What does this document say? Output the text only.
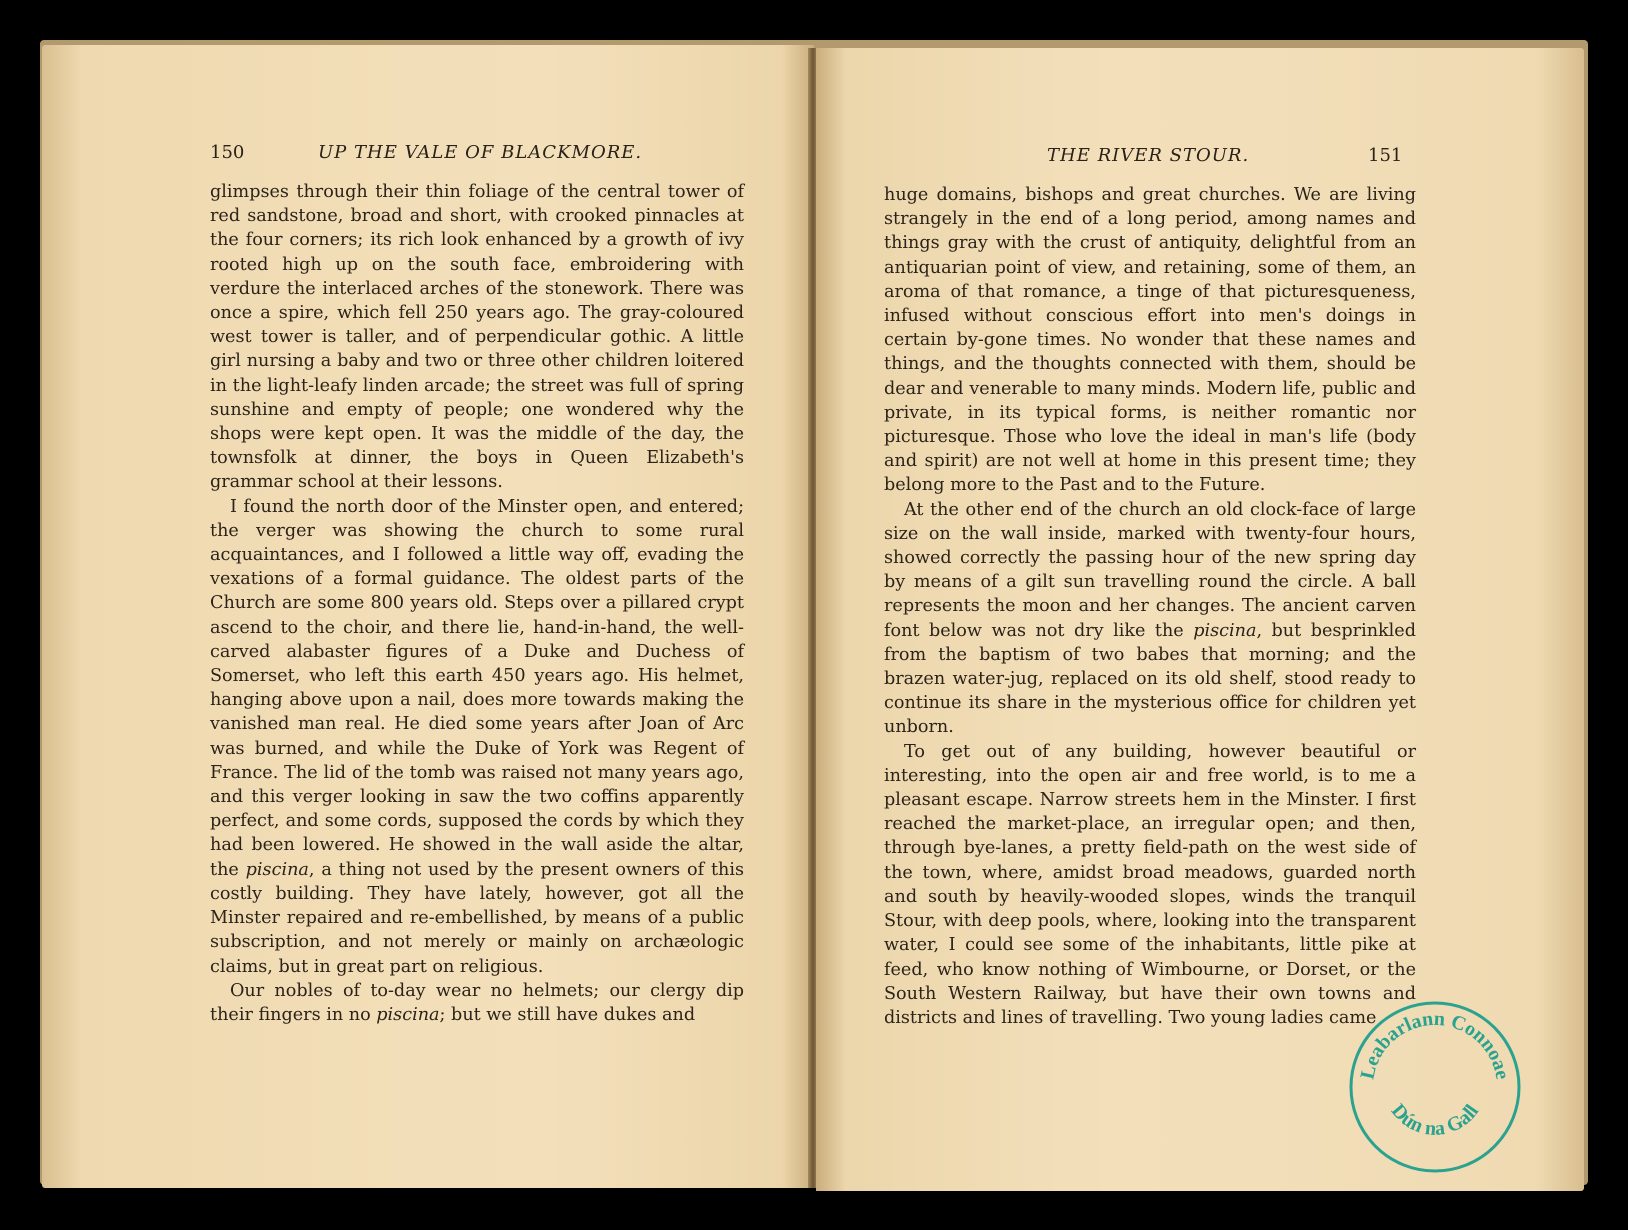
150	UP THE VALE OF BLACKMORE.

glimpses through their thin foliage of the central tower of red sandstone, broad and short, with crooked pinnacles at the four corners; its rich look enhanced by a growth of ivy rooted high up on the south face, embroidering with verdure the interlaced arches of the stonework. There was once a spire, which fell 250 years ago. The gray-coloured west tower is taller, and of perpendicular gothic. A little girl nursing a baby and two or three other children loitered in the light-leafy linden arcade; the street was full of spring sunshine and empty of people; one wondered why the shops were kept open. It was the middle of the day, the townsfolk at dinner, the boys in Queen Elizabeth's grammar school at their lessons.

I found the north door of the Minster open, and entered; the verger was showing the church to some rural acquaintances, and I followed a little way off, evading the vexations of a formal guidance. The oldest parts of the Church are some 800 years old. Steps over a pillared crypt ascend to the choir, and there lie, hand-in-hand, the well-carved alabaster figures of a Duke and Duchess of Somerset, who left this earth 450 years ago. His helmet, hanging above upon a nail, does more towards making the vanished man real. He died some years after Joan of Arc was burned, and while the Duke of York was Regent of France. The lid of the tomb was raised not many years ago, and this verger looking in saw the two coffins apparently perfect, and some cords, supposed the cords by which they had been lowered. He showed in the wall aside the altar, the piscina, a thing not used by the present owners of this costly building. They have lately, however, got all the Minster repaired and re-embellished, by means of a public subscription, and not merely or mainly on archæologic claims, but in great part on religious.

Our nobles of to-day wear no helmets; our clergy dip their fingers in no piscina; but we still have dukes and

THE RIVER STOUR.	151

huge domains, bishops and great churches. We are living strangely in the end of a long period, among names and things gray with the crust of antiquity, delightful from an antiquarian point of view, and retaining, some of them, an aroma of that romance, a tinge of that picturesqueness, infused without conscious effort into men's doings in certain by-gone times. No wonder that these names and things, and the thoughts connected with them, should be dear and venerable to many minds. Modern life, public and private, in its typical forms, is neither romantic nor picturesque. Those who love the ideal in man's life (body and spirit) are not well at home in this present time; they belong more to the Past and to the Future.

At the other end of the church an old clock-face of large size on the wall inside, marked with twenty-four hours, showed correctly the passing hour of the new spring day by means of a gilt sun travelling round the circle. A ball represents the moon and her changes. The ancient carven font below was not dry like the piscina, but besprinkled from the baptism of two babes that morning; and the brazen water-jug, replaced on its old shelf, stood ready to continue its share in the mysterious office for children yet unborn.

To get out of any building, however beautiful or interesting, into the open air and free world, is to me a pleasant escape. Narrow streets hem in the Minster. I first reached the market-place, an irregular open; and then, through bye-lanes, a pretty field-path on the west side of the town, where, amidst broad meadows, guarded north and south by heavily-wooded slopes, winds the tranquil Stour, with deep pools, where, looking into the transparent water, I could see some of the inhabitants, little pike at feed, who know nothing of Wimbourne, or Dorset, or the South Western Railway, but have their own towns and districts and lines of travelling. Two young ladies came

Leabarlann Connoae
Dún na Gall
